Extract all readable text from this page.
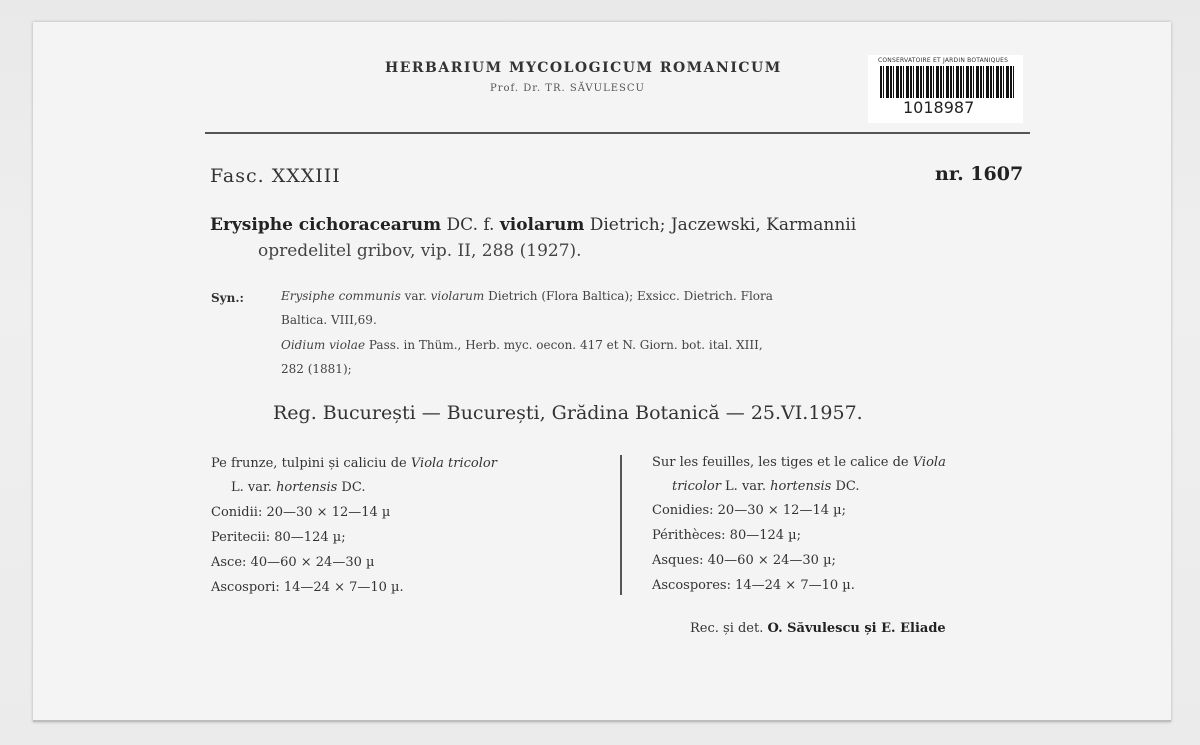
HERBARIUM MYCOLOGICUM ROMANICUM
Prof. Dr. TR. SĂVULESCU
CONSERVATOIRE ET JARDIN BOTANIQUES
1018987
Fasc. XXXIII	nr. 1607
Erysiphe cichoracearum DC. f. violarum Dietrich; Jaczewski, Karmannii
opredelitel gribov, vip. II, 288 (1927).
Syn.:	Erysiphe communis var. violarum Dietrich (Flora Baltica); Exsicc. Dietrich. Flora
Baltica. VIII,69.
Oidium violae Pass. in Thüm., Herb. myc. oecon. 417 et N. Giorn. bot. ital. XIII,
282 (1881);
Reg. București — București, Grădina Botanică — 25.VI.1957.
Pe frunze, tulpini și caliciu de Viola tricolor
L. var. hortensis DC.
Conidii: 20—30 × 12—14 µ
Peritecii: 80—124 µ;
Asce: 40—60 × 24—30 µ
Ascospori: 14—24 × 7—10 µ.
Sur les feuilles, les tiges et le calice de Viola
tricolor L. var. hortensis DC.
Conidies: 20—30 × 12—14 µ;
Périthèces: 80—124 µ;
Asques: 40—60 × 24—30 µ;
Ascospores: 14—24 × 7—10 µ.
Rec. și det. O. Săvulescu și E. Eliade
